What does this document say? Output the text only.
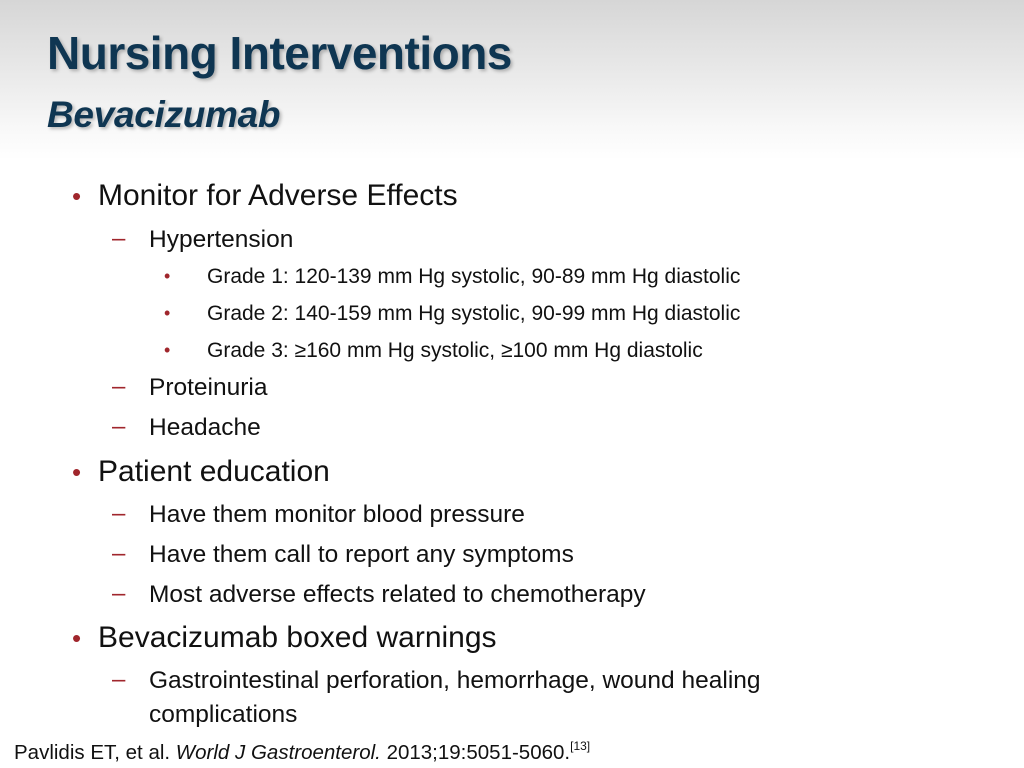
Nursing Interventions
Bevacizumab
• Monitor for Adverse Effects
– Hypertension
• Grade 1: 120-139 mm Hg systolic, 90-89 mm Hg diastolic
• Grade 2: 140-159 mm Hg systolic, 90-99 mm Hg diastolic
• Grade 3: ≥160 mm Hg systolic, ≥100 mm Hg diastolic
– Proteinuria
– Headache
• Patient education
– Have them monitor blood pressure
– Have them call to report any symptoms
– Most adverse effects related to chemotherapy
• Bevacizumab boxed warnings
– Gastrointestinal perforation, hemorrhage, wound healing
complications
Pavlidis ET, et al. World J Gastroenterol. 2013;19:5051-5060.[13]
